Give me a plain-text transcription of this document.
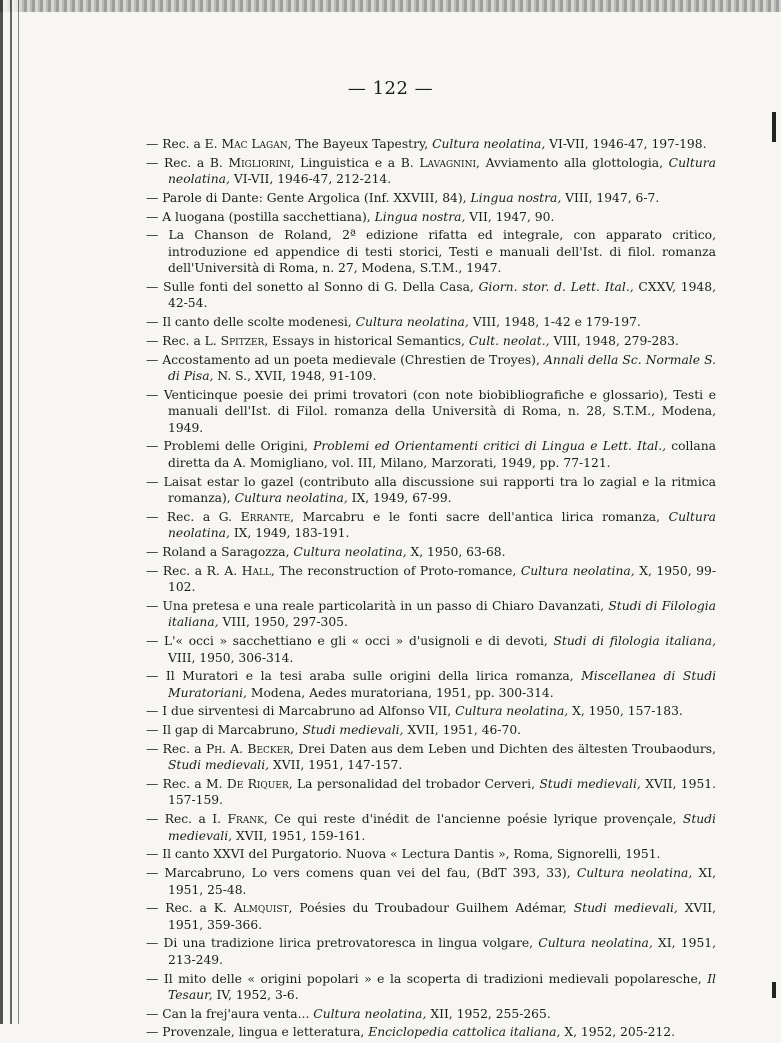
— 122 —
— Rec. a E. Mac Lagan, The Bayeux Tapestry, Cultura neolatina, VI-VII, 1946-47, 197-198.
— Rec. a B. Migliorini, Linguistica e a B. Lavagnini, Avviamento alla glottologia, Cultura neolatina, VI-VII, 1946-47, 212-214.
— Parole di Dante: Gente Argolica (Inf. XXVIII, 84), Lingua nostra, VIII, 1947, 6-7.
— A luogana (postilla sacchettiana), Lingua nostra, VII, 1947, 90.
— La Chanson de Roland, 2ª edizione rifatta ed integrale, con apparato critico, introduzione ed appendice di testi storici, Testi e manuali dell'Ist. di filol. romanza dell'Università di Roma, n. 27, Modena, S.T.M., 1947.
— Sulle fonti del sonetto al Sonno di G. Della Casa, Giorn. stor. d. Lett. Ital., CXXV, 1948, 42-54.
— Il canto delle scolte modenesi, Cultura neolatina, VIII, 1948, 1-42 e 179-197.
— Rec. a L. Spitzer, Essays in historical Semantics, Cult. neolat., VIII, 1948, 279-283.
— Accostamento ad un poeta medievale (Chrestien de Troyes), Annali della Sc. Normale S. di Pisa, N. S., XVII, 1948, 91-109.
— Venticinque poesie dei primi trovatori (con note biobibliografiche e glossario), Testi e manuali dell'Ist. di Filol. romanza della Università di Roma, n. 28, S.T.M., Modena, 1949.
— Problemi delle Origini, Problemi ed Orientamenti critici di Lingua e Lett. Ital., collana diretta da A. Momigliano, vol. III, Milano, Marzorati, 1949, pp. 77-121.
— Laisat estar lo gazel (contributo alla discussione sui rapporti tra lo zagial e la ritmica romanza), Cultura neolatina, IX, 1949, 67-99.
— Rec. a G. Errante, Marcabru e le fonti sacre dell'antica lirica romanza, Cultura neolatina, IX, 1949, 183-191.
— Roland a Saragozza, Cultura neolatina, X, 1950, 63-68.
— Rec. a R. A. Hall, The reconstruction of Proto-romance, Cultura neolatina, X, 1950, 99-102.
— Una pretesa e una reale particolarità in un passo di Chiaro Davanzati, Studi di Filologia italiana, VIII, 1950, 297-305.
— L'« occi » sacchettiano e gli « occi » d'usignoli e di devoti, Studi di filologia italiana, VIII, 1950, 306-314.
— Il Muratori e la tesi araba sulle origini della lirica romanza, Miscellanea di Studi Muratoriani, Modena, Aedes muratoriana, 1951, pp. 300-314.
— I due sirventesi di Marcabruno ad Alfonso VII, Cultura neolatina, X, 1950, 157-183.
— Il gap di Marcabruno, Studi medievali, XVII, 1951, 46-70.
— Rec. a Ph. A. Becker, Drei Daten aus dem Leben und Dichten des ältesten Troubaodurs, Studi medievali, XVII, 1951, 147-157.
— Rec. a M. De Riquer, La personalidad del trobador Cerveri, Studi medievali, XVII, 1951. 157-159.
— Rec. a I. Frank, Ce qui reste d'inédit de l'ancienne poésie lyrique provençale, Studi medievali, XVII, 1951, 159-161.
— Il canto XXVI del Purgatorio. Nuova « Lectura Dantis », Roma, Signorelli, 1951.
— Marcabruno, Lo vers comens quan vei del fau, (BdT 393, 33), Cultura neolatina, XI, 1951, 25-48.
— Rec. a K. Almquist, Poésies du Troubadour Guilhem Adémar, Studi medievali, XVII, 1951, 359-366.
— Di una tradizione lirica pretrovatoresca in lingua volgare, Cultura neolatina, XI, 1951, 213-249.
— Il mito delle « origini popolari » e la scoperta di tradizioni medievali popolaresche, Il Tesaur, IV, 1952, 3-6.
— Can la frej'aura venta... Cultura neolatina, XII, 1952, 255-265.
— Provenzale, lingua e letteratura, Enciclopedia cattolica italiana, X, 1952, 205-212.
